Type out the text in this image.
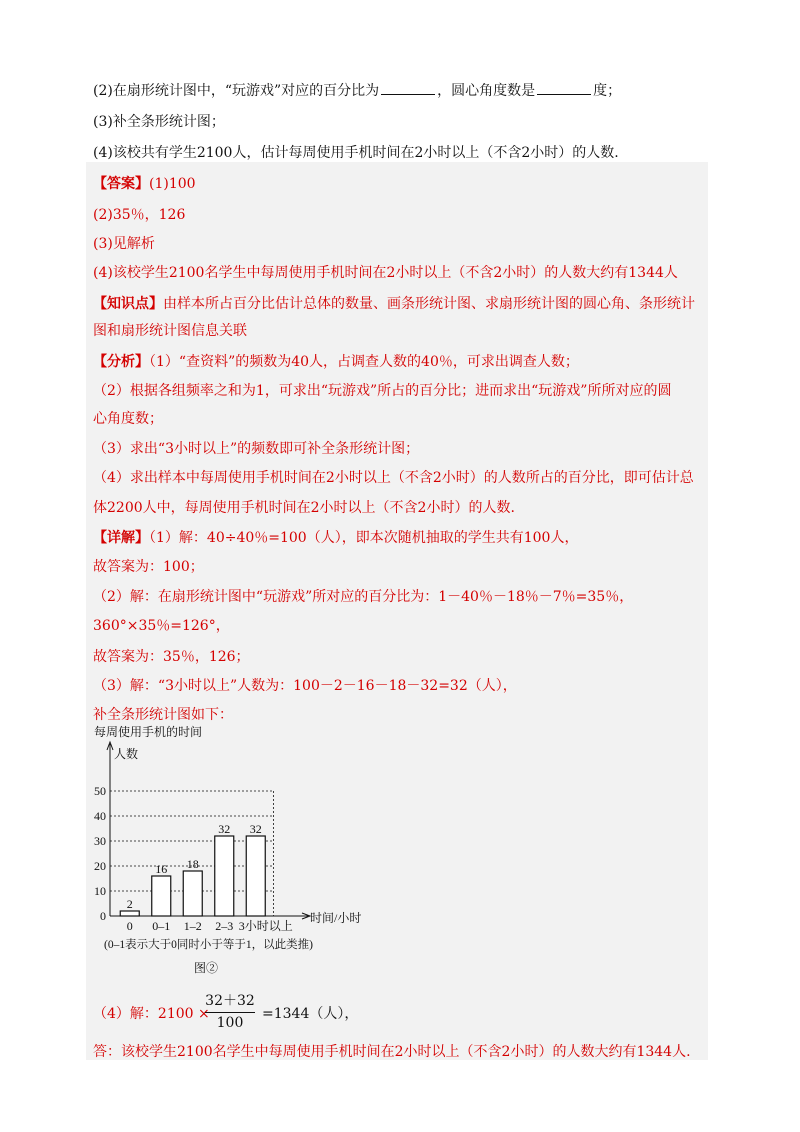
(2)在扇形统计图中，“玩游戏”对应的百分比为	，圆心角度数是	度；
(3)补全条形统计图；
(4)该校共有学生2100人，估计每周使用手机时间在2小时以上（不含2小时）的人数.
【答案】(1)100
(2)35％，126
(3)见解析
(4)该校学生2100名学生中每周使用手机时间在2小时以上（不含2小时）的人数大约有1344人
【知识点】由样本所占百分比估计总体的数量、画条形统计图、求扇形统计图的圆心角、条形统计
图和扇形统计图信息关联
【分析】（1）“查资料”的频数为40人，占调查人数的40％，可求出调查人数；
（2）根据各组频率之和为1，可求出“玩游戏”所占的百分比；进而求出“玩游戏”所所对应的圆
心角度数；
（3）求出“3小时以上”的频数即可补全条形统计图；
（4）求出样本中每周使用手机时间在2小时以上（不含2小时）的人数所占的百分比，即可估计总
体2200人中，每周使用手机时间在2小时以上（不含2小时）的人数.
【详解】（1）解：40÷40％=100（人），即本次随机抽取的学生共有100人，
故答案为：100；
（2）解：在扇形统计图中“玩游戏”所对应的百分比为：1－40％－18％－7％=35％，
360°×35％=126°，
故答案为：35％，126；
（3）解：“3小时以上”人数为：100－2－16－18－32=32（人），
补全条形统计图如下：
每周使用手机的时间
人数
时间/小时
0
10
20
30
40
50
2
0
16
0–1
18
1–2
32
2–3
32
3小时以上
(0–1表示大于0同时小于等于1，以此类推)
图②
（4）解：2100 ×
32＋32
100
=1344（人），
答：该校学生2100名学生中每周使用手机时间在2小时以上（不含2小时）的人数大约有1344人.
